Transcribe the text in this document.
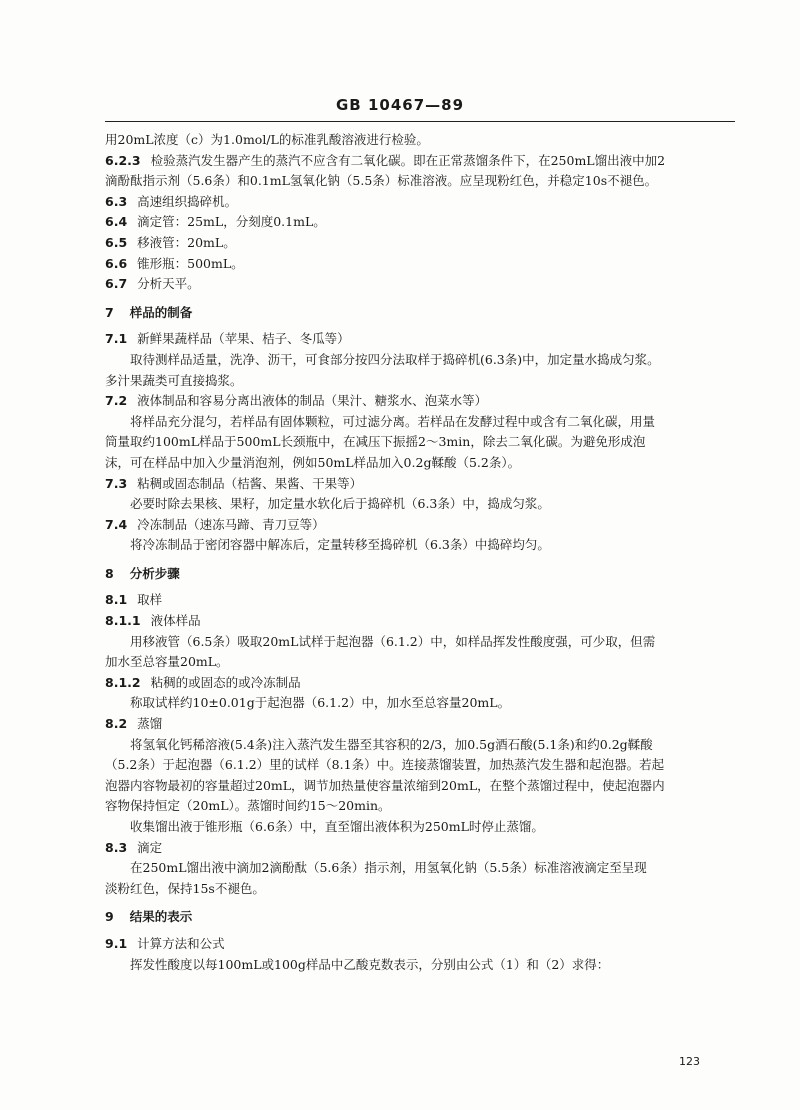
GB 10467—89
用20mL浓度（c）为1.0mol/L的标准乳酸溶液进行检验。
6.2.3 检验蒸汽发生器产生的蒸汽不应含有二氧化碳。即在正常蒸馏条件下，在250mL馏出液中加2
滴酚酞指示剂（5.6条）和0.1mL氢氧化钠（5.5条）标准溶液。应呈现粉红色，并稳定10s不褪色。
6.3 高速组织捣碎机。
6.4 滴定管：25mL，分刻度0.1mL。
6.5 移液管：20mL。
6.6 锥形瓶：500mL。
6.7 分析天平。
7 样品的制备
7.1 新鲜果蔬样品（苹果、桔子、冬瓜等）
取待测样品适量，洗净、沥干，可食部分按四分法取样于捣碎机(6.3条)中，加定量水捣成匀浆。
多汁果蔬类可直接捣浆。
7.2 液体制品和容易分离出液体的制品（果汁、糖浆水、泡菜水等）
将样品充分混匀，若样品有固体颗粒，可过滤分离。若样品在发酵过程中或含有二氧化碳，用量
筒量取约100mL样品于500mL长颈瓶中，在减压下振摇2～3min，除去二氧化碳。为避免形成泡
沫，可在样品中加入少量消泡剂，例如50mL样品加入0.2g鞣酸（5.2条）。
7.3 粘稠或固态制品（桔酱、果酱、干果等）
必要时除去果核、果籽，加定量水软化后于捣碎机（6.3条）中，捣成匀浆。
7.4 冷冻制品（速冻马蹄、青刀豆等）
将冷冻制品于密闭容器中解冻后，定量转移至捣碎机（6.3条）中捣碎均匀。
8 分析步骤
8.1 取样
8.1.1 液体样品
用移液管（6.5条）吸取20mL试样于起泡器（6.1.2）中，如样品挥发性酸度强，可少取，但需
加水至总容量20mL。
8.1.2 粘稠的或固态的或冷冻制品
称取试样约10±0.01g于起泡器（6.1.2）中，加水至总容量20mL。
8.2 蒸馏
将氢氧化钙稀溶液(5.4条)注入蒸汽发生器至其容积的2/3，加0.5g酒石酸(5.1条)和约0.2g鞣酸
（5.2条）于起泡器（6.1.2）里的试样（8.1条）中。连接蒸馏装置，加热蒸汽发生器和起泡器。若起
泡器内容物最初的容量超过20mL，调节加热量使容量浓缩到20mL，在整个蒸馏过程中，使起泡器内
容物保持恒定（20mL）。蒸馏时间约15～20min。
收集馏出液于锥形瓶（6.6条）中，直至馏出液体积为250mL时停止蒸馏。
8.3 滴定
在250mL馏出液中滴加2滴酚酞（5.6条）指示剂，用氢氧化钠（5.5条）标准溶液滴定至呈现
淡粉红色，保持15s不褪色。
9 结果的表示
9.1 计算方法和公式
挥发性酸度以每100mL或100g样品中乙酸克数表示，分别由公式（1）和（2）求得：
123
